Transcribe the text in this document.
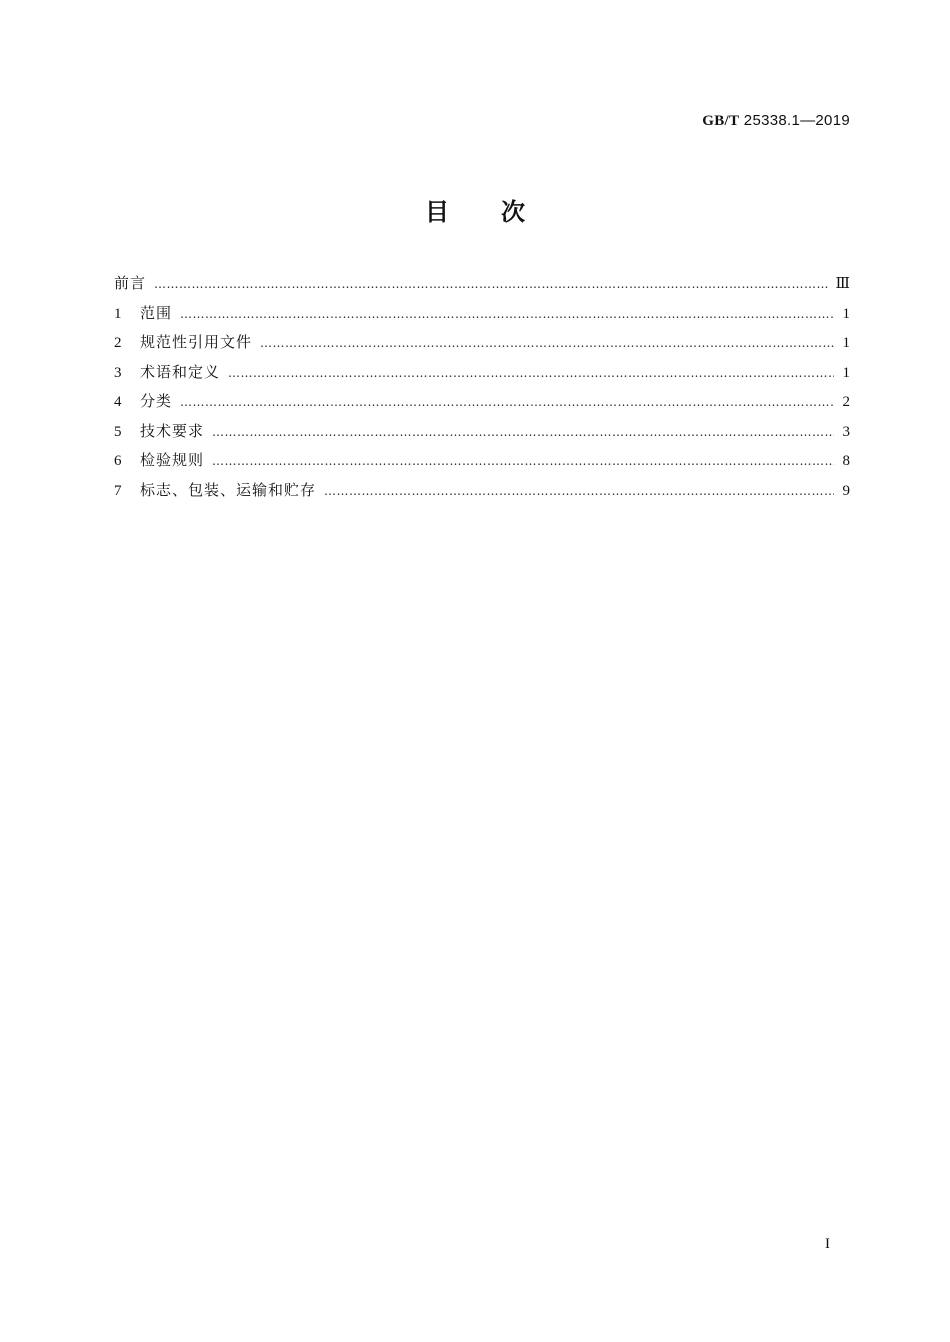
GB/T 25338.1—2019
目次
前言 ……………………………………………………………………………………………………………………………………………………………………………………………………………………	Ⅲ
1	范围 ……………………………………………………………………………………………………………………………………………………………………………………………………………………	1
2	规范性引用文件 ……………………………………………………………………………………………………………………………………………………………………………………………………………………	1
3	术语和定义 ……………………………………………………………………………………………………………………………………………………………………………………………………………………	1
4	分类 ……………………………………………………………………………………………………………………………………………………………………………………………………………………	2
5	技术要求 ……………………………………………………………………………………………………………………………………………………………………………………………………………………	3
6	检验规则 ……………………………………………………………………………………………………………………………………………………………………………………………………………………	8
7	标志、包装、运输和贮存 ……………………………………………………………………………………………………………………………………………………………………………………………………………………	9
I
